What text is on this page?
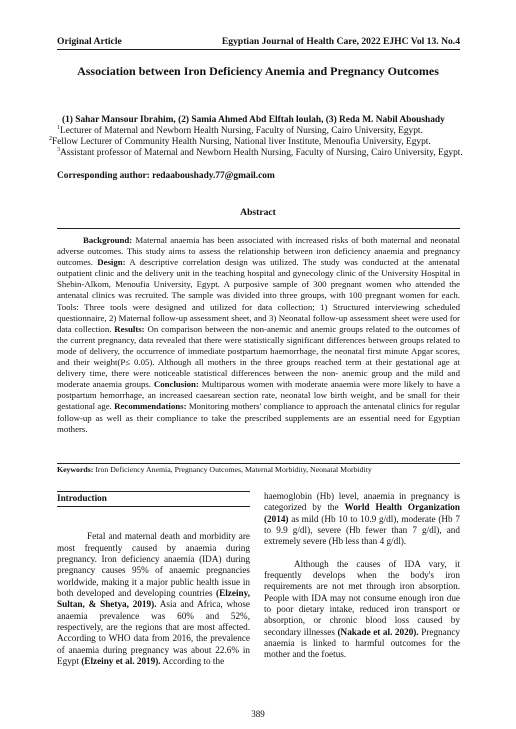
Original Article	Egyptian Journal of Health Care, 2022 EJHC Vol 13. No.4
Association between Iron Deficiency Anemia and Pregnancy Outcomes
(1) Sahar Mansour Ibrahim, (2) Samia Ahmed Abd Elftah loulah, (3) Reda M. Nabil Aboushady
$^1$Lecturer of Maternal and Newborn Health Nursing, Faculty of Nursing, Cairo University, Egypt.
$^2$Fellow Lecturer of Community Health Nursing, National liver Institute, Menoufia University, Egypt.
$^3$Assistant professor of Maternal and Newborn Health Nursing, Faculty of Nursing, Cairo University, Egypt.
Corresponding author: redaaboushady.77@gmail.com
Abstract
Background: Maternal anaemia has been associated with increased risks of both maternal and neonatal adverse outcomes. This study aims to assess the relationship between iron deficiency anaemia and pregnancy outcomes. Design: A descriptive correlation design was utilized. The study was conducted at the antenatal outpatient clinic and the delivery unit in the teaching hospital and gynecology clinic of the University Hospital in Shebin-Alkom, Menoufia University, Egypt. A purposive sample of 300 pregnant women who attended the antenatal clinics was recruited. The sample was divided into three groups, with 100 pregnant women for each. Tools: Three tools were designed and utilized for data collection; 1) Structured interviewing scheduled questionnaire, 2) Maternal follow-up assessment sheet, and 3) Neonatal follow-up assessment sheet were used for data collection. Results: On comparison between the non-anemic and anemic groups related to the outcomes of the current pregnancy, data revealed that there were statistically significant differences between groups related to mode of delivery, the occurrence of immediate postpartum haemorrhage, the neonatal first minute Apgar scores, and their weight(P≤ 0.05). Although all mothers in the three groups reached term at their gestational age at delivery time, there were noticeable statistical differences between the non- anemic group and the mild and moderate anaemia groups. Conclusion: Multiparous women with moderate anaemia were more likely to have a postpartum hemorrhage, an increased caesarean section rate, neonatal low birth weight, and be small for their gestational age. Recommendations: Monitoring mothers' compliance to approach the antenatal clinics for regular follow-up as well as their compliance to take the prescribed supplements are an essential need for Egyptian mothers.
Keywords: Iron Deficiency Anemia, Pregnancy Outcomes, Maternal Morbidity, Neonatal Morbidity
Introduction
Fetal and maternal death and morbidity are most frequently caused by anaemia during pregnancy. Iron deficiency anaemia (IDA) during pregnancy causes 95% of anaemic pregnancies worldwide, making it a major public health issue in both developed and developing countries (Elzeiny, Sultan, & Shetya, 2019). Asia and Africa, whose anaemia prevalence was 60% and 52%, respectively, are the regions that are most affected. According to WHO data from 2016, the prevalence of anaemia during pregnancy was about 22.6% in Egypt (Elzeiny et al. 2019). According to the
haemoglobin (Hb) level, anaemia in pregnancy is categorized by the World Health Organization (2014) as mild (Hb 10 to 10.9 g/dl), moderate (Hb 7 to 9.9 g/dl), severe (Hb fewer than 7 g/dl), and extremely severe (Hb less than 4 g/dl).
Although the causes of IDA vary, it frequently develops when the body's iron requirements are not met through iron absorption. People with IDA may not consume enough iron due to poor dietary intake, reduced iron transport or absorption, or chronic blood loss caused by secondary illnesses (Nakade et al. 2020). Pregnancy anaemia is linked to harmful outcomes for the mother and the foetus.
389
